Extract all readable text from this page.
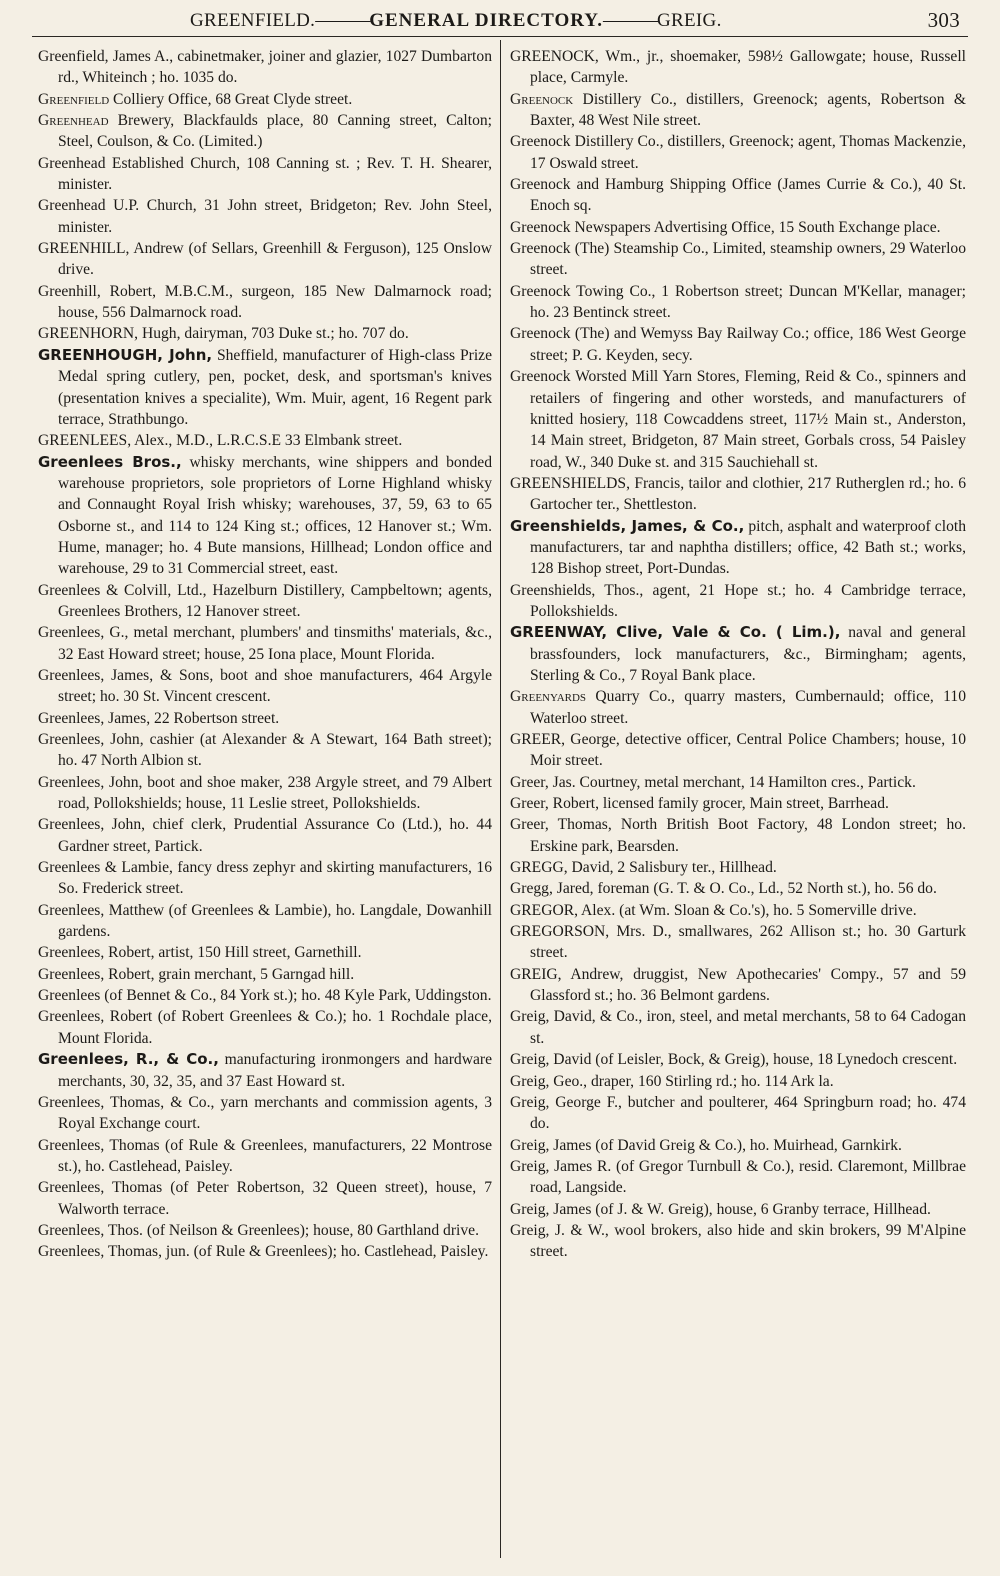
GREENFIELD.———GENERAL DIRECTORY.———GREIG.	303

Greenfield, James A., cabinetmaker, joiner and glazier, 1027 Dumbarton rd., Whiteinch ; ho. 1035 do.

Greenfield Colliery Office, 68 Great Clyde street.

Greenhead Brewery, Blackfaulds place, 80 Canning street, Calton; Steel, Coulson, & Co. (Limited.)

Greenhead Established Church, 108 Canning st. ; Rev. T. H. Shearer, minister.

Greenhead U.P. Church, 31 John street, Bridgeton; Rev. John Steel, minister.

GREENHILL, Andrew (of Sellars, Greenhill & Ferguson), 125 Onslow drive.

Greenhill, Robert, M.B.C.M., surgeon, 185 New Dalmarnock road; house, 556 Dalmarnock road.

GREENHORN, Hugh, dairyman, 703 Duke st.; ho. 707 do.

GREENHOUGH, John, Sheffield, manufacturer of High-class Prize Medal spring cutlery, pen, pocket, desk, and sportsman's knives (presentation knives a specialite), Wm. Muir, agent, 16 Regent park terrace, Strathbungo.

GREENLEES, Alex., M.D., L.R.C.S.E 33 Elmbank street.

Greenlees Bros., whisky merchants, wine shippers and bonded warehouse proprietors, sole proprietors of Lorne Highland whisky and Connaught Royal Irish whisky; warehouses, 37, 59, 63 to 65 Osborne st., and 114 to 124 King st.; offices, 12 Hanover st.; Wm. Hume, manager; ho. 4 Bute mansions, Hillhead; London office and warehouse, 29 to 31 Commercial street, east.

Greenlees & Colvill, Ltd., Hazelburn Distillery, Campbeltown; agents, Greenlees Brothers, 12 Hanover street.

Greenlees, G., metal merchant, plumbers' and tinsmiths' materials, &c., 32 East Howard street; house, 25 Iona place, Mount Florida.

Greenlees, James, & Sons, boot and shoe manufacturers, 464 Argyle street; ho. 30 St. Vincent crescent.

Greenlees, James, 22 Robertson street.

Greenlees, John, cashier (at Alexander & A Stewart, 164 Bath street); ho. 47 North Albion st.

Greenlees, John, boot and shoe maker, 238 Argyle street, and 79 Albert road, Pollokshields; house, 11 Leslie street, Pollokshields.

Greenlees, John, chief clerk, Prudential Assurance Co (Ltd.), ho. 44 Gardner street, Partick.

Greenlees & Lambie, fancy dress zephyr and skirting manufacturers, 16 So. Frederick street.

Greenlees, Matthew (of Greenlees & Lambie), ho. Langdale, Dowanhill gardens.

Greenlees, Robert, artist, 150 Hill street, Garnethill.

Greenlees, Robert, grain merchant, 5 Garngad hill.

Greenlees (of Bennet & Co., 84 York st.); ho. 48 Kyle Park, Uddingston.

Greenlees, Robert (of Robert Greenlees & Co.); ho. 1 Rochdale place, Mount Florida.

Greenlees, R., & Co., manufacturing ironmongers and hardware merchants, 30, 32, 35, and 37 East Howard st.

Greenlees, Thomas, & Co., yarn merchants and commission agents, 3 Royal Exchange court.

Greenlees, Thomas (of Rule & Greenlees, manufacturers, 22 Montrose st.), ho. Castlehead, Paisley.

Greenlees, Thomas (of Peter Robertson, 32 Queen street), house, 7 Walworth terrace.

Greenlees, Thos. (of Neilson & Greenlees); house, 80 Garthland drive.

Greenlees, Thomas, jun. (of Rule & Greenlees); ho. Castlehead, Paisley.

GREENOCK, Wm., jr., shoemaker, 598½ Gallowgate; house, Russell place, Carmyle.

Greenock Distillery Co., distillers, Greenock; agents, Robertson & Baxter, 48 West Nile street.

Greenock Distillery Co., distillers, Greenock; agent, Thomas Mackenzie, 17 Oswald street.

Greenock and Hamburg Shipping Office (James Currie & Co.), 40 St. Enoch sq.

Greenock Newspapers Advertising Office, 15 South Exchange place.

Greenock (The) Steamship Co., Limited, steamship owners, 29 Waterloo street.

Greenock Towing Co., 1 Robertson street; Duncan M'Kellar, manager; ho. 23 Bentinck street.

Greenock (The) and Wemyss Bay Railway Co.; office, 186 West George street; P. G. Keyden, secy.

Greenock Worsted Mill Yarn Stores, Fleming, Reid & Co., spinners and retailers of fingering and other worsteds, and manufacturers of knitted hosiery, 118 Cowcaddens street, 117½ Main st., Anderston, 14 Main street, Bridgeton, 87 Main street, Gorbals cross, 54 Paisley road, W., 340 Duke st. and 315 Sauchiehall st.

GREENSHIELDS, Francis, tailor and clothier, 217 Rutherglen rd.; ho. 6 Gartocher ter., Shettleston.

Greenshields, James, & Co., pitch, asphalt and waterproof cloth manufacturers, tar and naphtha distillers; office, 42 Bath st.; works, 128 Bishop street, Port-Dundas.

Greenshields, Thos., agent, 21 Hope st.; ho. 4 Cambridge terrace, Pollokshields.

GREENWAY, Clive, Vale & Co. ( Lim.), naval and general brassfounders, lock manufacturers, &c., Birmingham; agents, Sterling & Co., 7 Royal Bank place.

Greenyards Quarry Co., quarry masters, Cumbernauld; office, 110 Waterloo street.

GREER, George, detective officer, Central Police Chambers; house, 10 Moir street.

Greer, Jas. Courtney, metal merchant, 14 Hamilton cres., Partick.

Greer, Robert, licensed family grocer, Main street, Barrhead.

Greer, Thomas, North British Boot Factory, 48 London street; ho. Erskine park, Bearsden.

GREGG, David, 2 Salisbury ter., Hillhead.

Gregg, Jared, foreman (G. T. & O. Co., Ld., 52 North st.), ho. 56 do.

GREGOR, Alex. (at Wm. Sloan & Co.'s), ho. 5 Somerville drive.

GREGORSON, Mrs. D., smallwares, 262 Allison st.; ho. 30 Garturk street.

GREIG, Andrew, druggist, New Apothecaries' Compy., 57 and 59 Glassford st.; ho. 36 Belmont gardens.

Greig, David, & Co., iron, steel, and metal merchants, 58 to 64 Cadogan st.

Greig, David (of Leisler, Bock, & Greig), house, 18 Lynedoch crescent.

Greig, Geo., draper, 160 Stirling rd.; ho. 114 Ark la.

Greig, George F., butcher and poulterer, 464 Springburn road; ho. 474 do.

Greig, James (of David Greig & Co.), ho. Muirhead, Garnkirk.

Greig, James R. (of Gregor Turnbull & Co.), resid. Claremont, Millbrae road, Langside.

Greig, James (of J. & W. Greig), house, 6 Granby terrace, Hillhead.

Greig, J. & W., wool brokers, also hide and skin brokers, 99 M'Alpine street.
